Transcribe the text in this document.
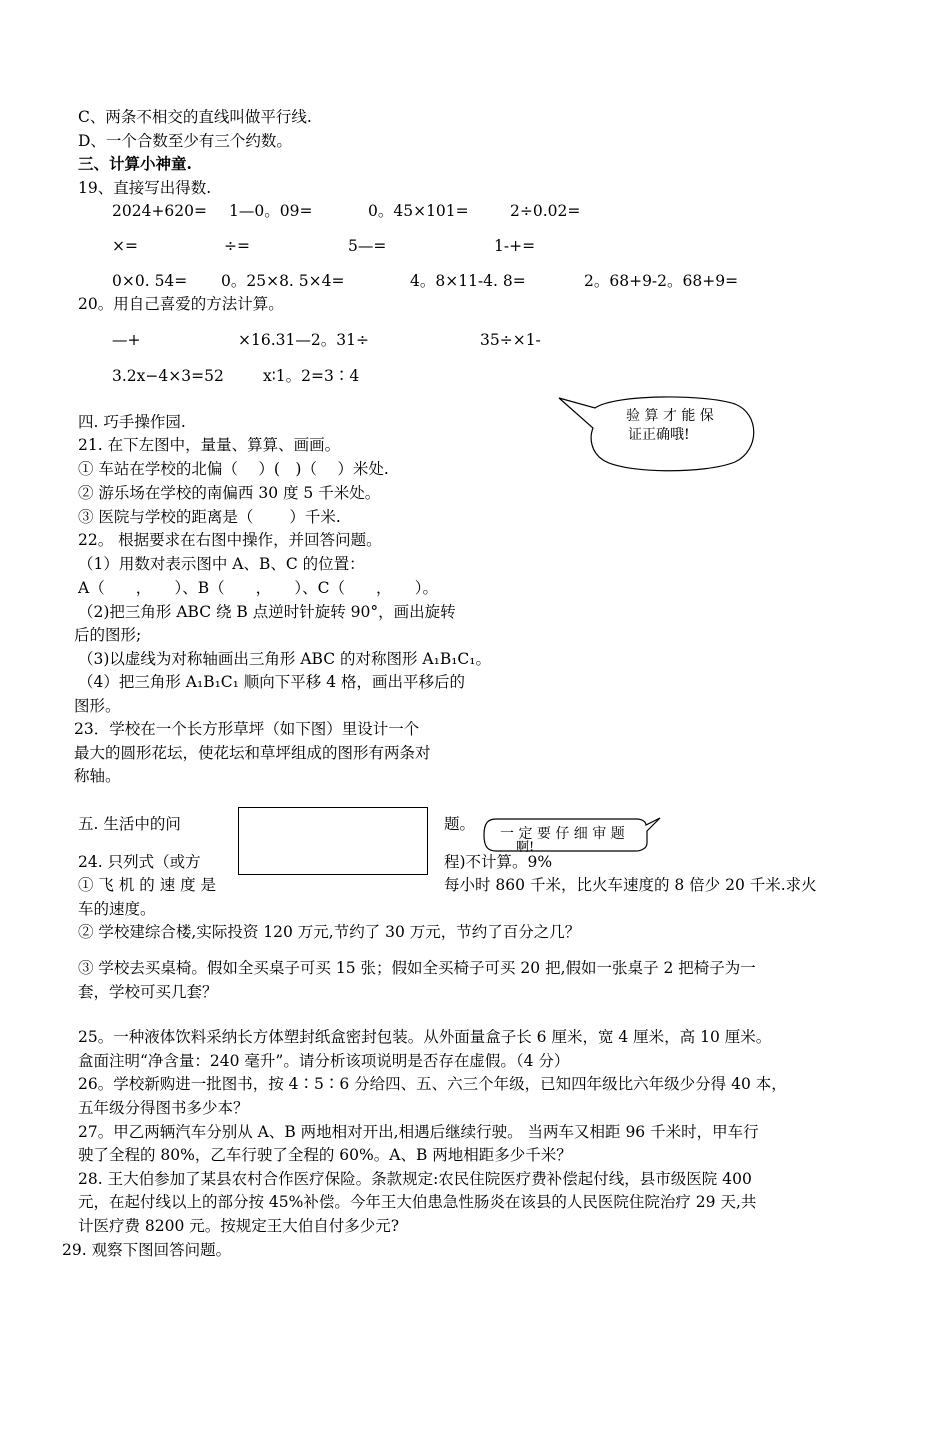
C、两条不相交的直线叫做平行线.
D、一个合数至少有三个约数。
三、计算小神童.
19、直接写出得数.
2024+620= 1—0。09=	0。45×101=	2÷0.02=
×=	÷=	5—=	1-+=
0×0. 54= 0。25×8. 5×4=	4。8×11-4. 8=	2。68+9-2。68+9=
20。用自己喜爱的方法计算。
—+	×16.31—2。31÷	35÷×1-
3.2x−4×3=52	x∶1。2=3∶4
四. 巧手操作园.	验 算 才 能 保
证正确哦!
21. 在下左图中，量量、算算、画画。
① 车站在学校的北偏（　 ）(　)（　 ）米处.
② 游乐场在学校的南偏西 30 度 5 千米处。
③ 医院与学校的距离是（　　 ）千米.
22。 根据要求在右图中操作，并回答问题。
（1）用数对表示图中 A、B、C 的位置：
A（　　，　　）、B（　　，　　）、C（　　，　　）。
（2)把三角形 ABC 绕 B 点逆时针旋转 90°，画出旋转
后的图形;
（3)以虚线为对称轴画出三角形 ABC 的对称图形 A₁B₁C₁。
（4）把三角形 A₁B₁C₁ 顺向下平移 4 格，画出平移后的
图形。
23．学校在一个长方形草坪（如下图）里设计一个
最大的圆形花坛，使花坛和草坪组成的图形有两条对
称轴。
五. 生活中的问	题。
一 定 要 仔 细 审 题
啊!
24. 只列式（或方	程)不计算。9%
① 飞 机 的 速 度 是	每小时 860 千米，比火车速度的 8 倍少 20 千米.求火
车的速度。
② 学校建综合楼,实际投资 120 万元,节约了 30 万元，节约了百分之几？
③ 学校去买桌椅。假如全买桌子可买 15 张；假如全买椅子可买 20 把,假如一张桌子 2 把椅子为一
套，学校可买几套？
25。一种液体饮料采纳长方体塑封纸盒密封包装。从外面量盒子长 6 厘米，宽 4 厘米，高 10 厘米。
盒面注明“净含量：240 毫升”。请分析该项说明是否存在虚假。（4 分）
26。学校新购进一批图书，按 4∶5∶6 分给四、五、六三个年级，已知四年级比六年级少分得 40 本，
五年级分得图书多少本？
27。甲乙两辆汽车分别从 A、B 两地相对开出,相遇后继续行驶。 当两车又相距 96 千米时，甲车行
驶了全程的 80%，乙车行驶了全程的 60%。A、B 两地相距多少千米？
28. 王大伯参加了某县农村合作医疗保险。条款规定:农民住院医疗费补偿起付线，县市级医院 400
元，在起付线以上的部分按 45%补偿。今年王大伯患急性肠炎在该县的人民医院住院治疗 29 天,共
计医疗费 8200 元。按规定王大伯自付多少元?
29. 观察下图回答问题。
